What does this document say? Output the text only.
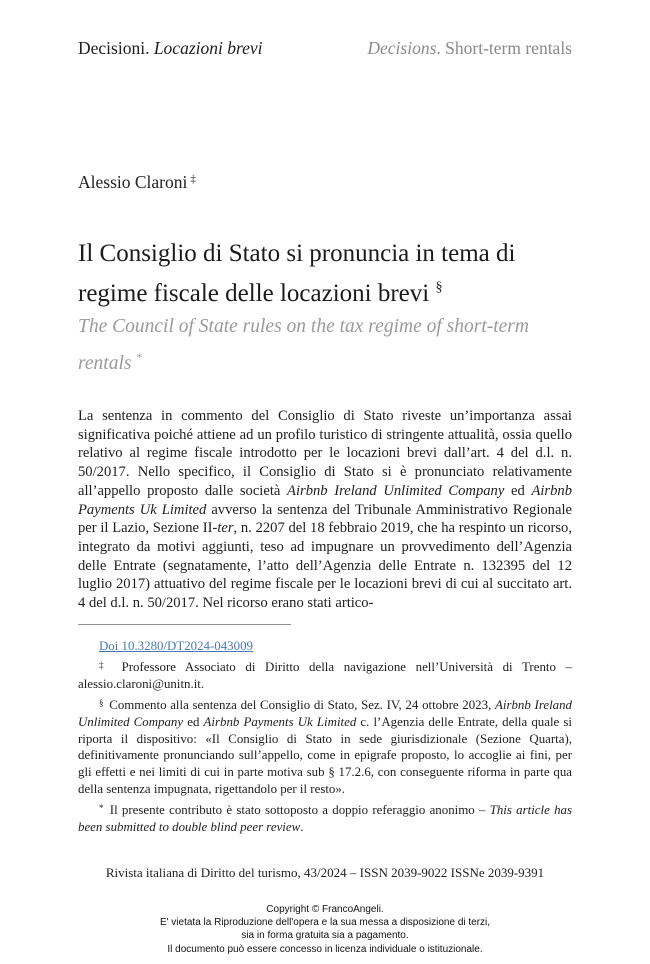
Decisioni. Locazioni brevi	Decisions. Short-term rentals
Alessio Claroni ‡
Il Consiglio di Stato si pronuncia in tema di regime fiscale delle locazioni brevi §
The Council of State rules on the tax regime of short-term rentals *
La sentenza in commento del Consiglio di Stato riveste un’importanza assai significativa poiché attiene ad un profilo turistico di stringente attualità, ossia quello relativo al regime fiscale introdotto per le locazioni brevi dall’art. 4 del d.l. n. 50/2017. Nello specifico, il Consiglio di Stato si è pronunciato relativamente all’appello proposto dalle società Airbnb Ireland Unlimited Company ed Airbnb Payments Uk Limited avverso la sentenza del Tribunale Amministrativo Regionale per il Lazio, Sezione II-ter, n. 2207 del 18 febbraio 2019, che ha respinto un ricorso, integrato da motivi aggiunti, teso ad impugnare un provvedimento dell’Agenzia delle Entrate (segnatamente, l’atto dell’Agenzia delle Entrate n. 132395 del 12 luglio 2017) attuativo del regime fiscale per le locazioni brevi di cui al succitato art. 4 del d.l. n. 50/2017. Nel ricorso erano stati artico-
Doi 10.3280/DT2024-043009
‡ Professore Associato di Diritto della navigazione nell’Università di Trento – alessio.claroni@unitn.it.
§ Commento alla sentenza del Consiglio di Stato, Sez. IV, 24 ottobre 2023, Airbnb Ireland Unlimited Company ed Airbnb Payments Uk Limited c. l’Agenzia delle Entrate, della quale si riporta il dispositivo: «Il Consiglio di Stato in sede giurisdizionale (Sezione Quarta), definitivamente pronunciando sull’appello, come in epigrafe proposto, lo accoglie ai fini, per gli effetti e nei limiti di cui in parte motiva sub § 17.2.6, con conseguente riforma in parte qua della sentenza impugnata, rigettandolo per il resto».
* Il presente contributo è stato sottoposto a doppio referaggio anonimo – This article has been submitted to double blind peer review.
Rivista italiana di Diritto del turismo, 43/2024 – ISSN 2039-9022 ISSNe 2039-9391
Copyright © FrancoAngeli.
E' vietata la Riproduzione dell'opera e la sua messa a disposizione di terzi,
sia in forma gratuita sia a pagamento.
Il documento può essere concesso in licenza individuale o istituzionale.
